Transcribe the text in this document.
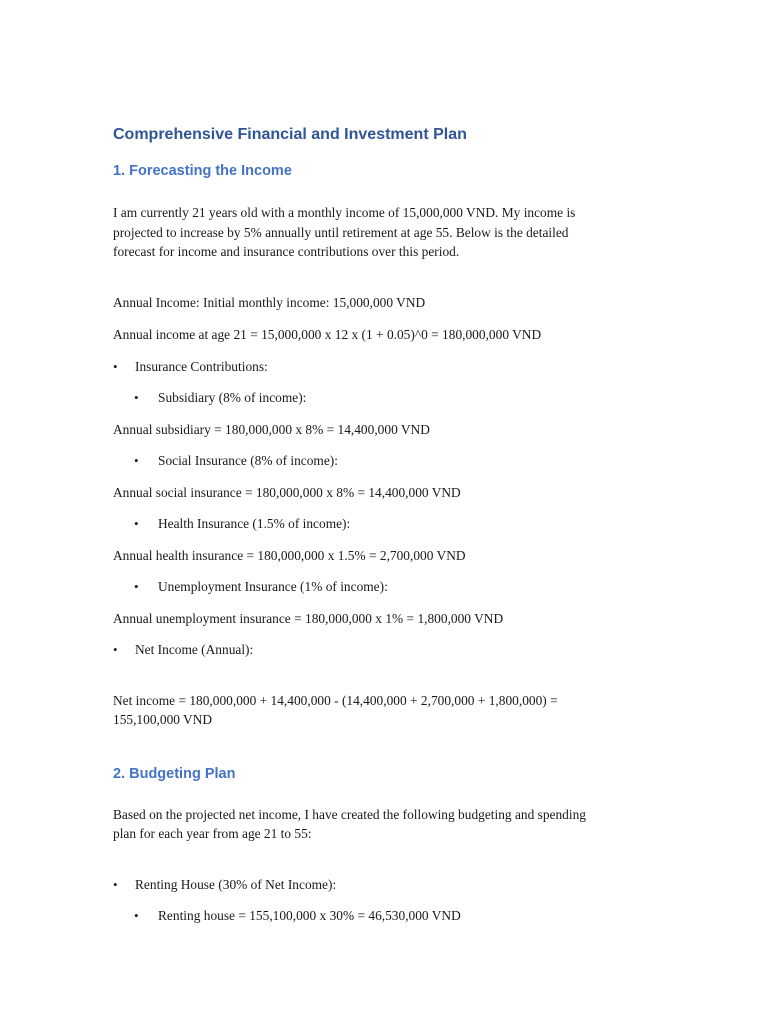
Comprehensive Financial and Investment Plan
1. Forecasting the Income

I am currently 21 years old with a monthly income of 15,000,000 VND. My income is

projected to increase by 5% annually until retirement at age 55. Below is the detailed

forecast for income and insurance contributions over this period.

Annual Income: Initial monthly income: 15,000,000 VND

Annual income at age 21 = 15,000,000 x 12 x (1 + 0.05)^0 = 180,000,000 VND

• Insurance Contributions:
• Subsidiary (8% of income):

Annual subsidiary = 180,000,000 x 8% = 14,400,000 VND

• Social Insurance (8% of income):

Annual social insurance = 180,000,000 x 8% = 14,400,000 VND

• Health Insurance (1.5% of income):

Annual health insurance = 180,000,000 x 1.5% = 2,700,000 VND

• Unemployment Insurance (1% of income):

Annual unemployment insurance = 180,000,000 x 1% = 1,800,000 VND

• Net Income (Annual):

Net income = 180,000,000 + 14,400,000 - (14,400,000 + 2,700,000 + 1,800,000) =

155,100,000 VND

2. Budgeting Plan

Based on the projected net income, I have created the following budgeting and spending

plan for each year from age 21 to 55:

• Renting House (30% of Net Income):
• Renting house = 155,100,000 x 30% = 46,530,000 VND
